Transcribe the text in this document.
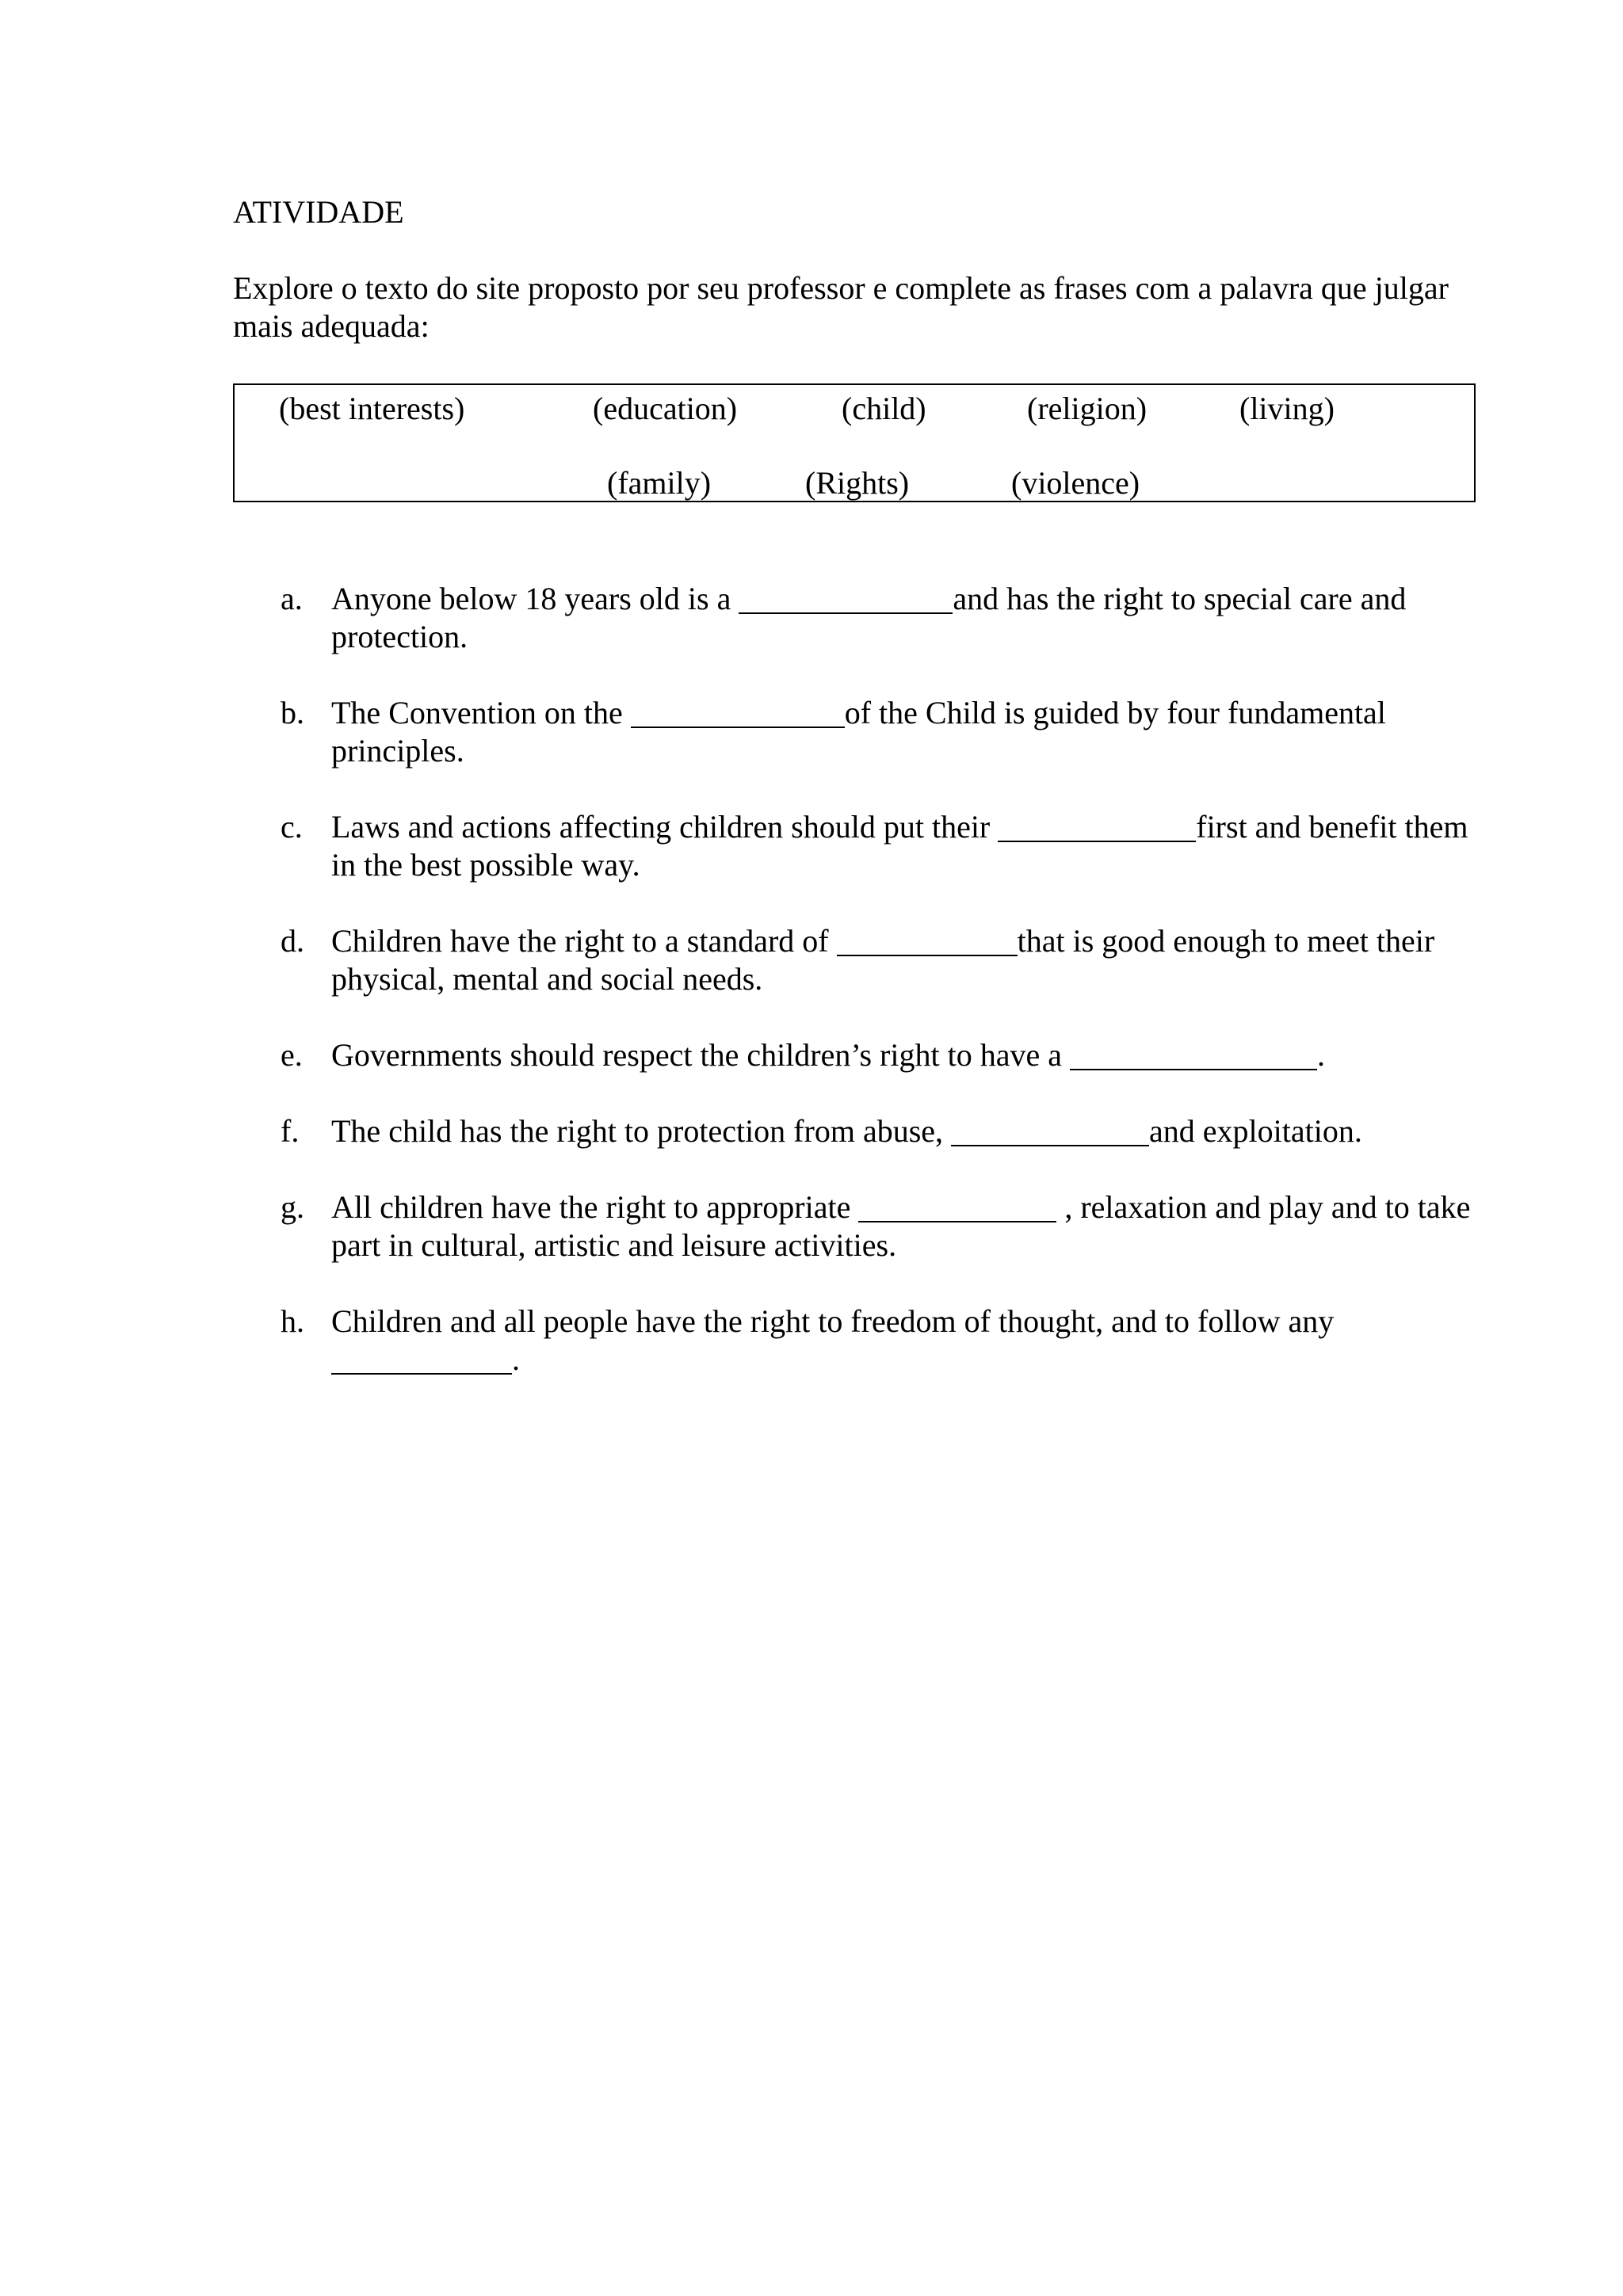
ATIVIDADE
Explore o texto do site proposto por seu professor e complete as frases com a palavra que julgar mais adequada:
(best interests)	(education)	(child)	(religion)	(living)
(family)	(Rights)	(violence)
a. Anyone below 18 years old is a	and has the right to special care and protection.
b. The Convention on the	of the Child is guided by four fundamental principles.
c. Laws and actions affecting children should put their	first and benefit them in the best possible way.
d. Children have the right to a standard of	that is good enough to meet their physical, mental and social needs.
e. Governments should respect the children’s right to have a	.
f. The child has the right to protection from abuse,	and exploitation.
g. All children have the right to appropriate	, relaxation and play and to take part in cultural, artistic and leisure activities.
h. Children and all people have the right to freedom of thought, and to follow any .
